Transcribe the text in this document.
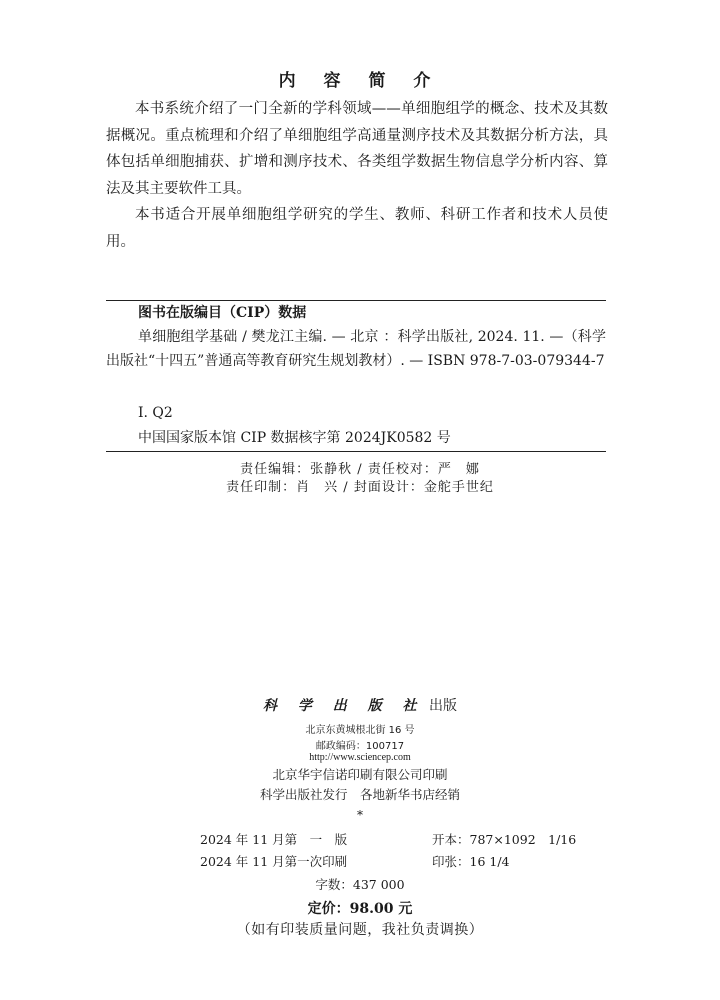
内 容 简 介

本书系统介绍了一门全新的学科领域——单细胞组学的概念、技术及其数据概况。重点梳理和介绍了单细胞组学高通量测序技术及其数据分析方法，具体包括单细胞捕获、扩增和测序技术、各类组学数据生物信息学分析内容、算法及其主要软件工具。

本书适合开展单细胞组学研究的学生、教师、科研工作者和技术人员使用。

图书在版编目（CIP）数据
单细胞组学基础 / 樊龙江主编. — 北京 ：科学出版社, 2024. 11. —（科学出版社“十四五”普通高等教育研究生规划教材）. — ISBN 978-7-03-079344-7
Ⅰ. Q2
中国国家版本馆 CIP 数据核字第 2024JK0582 号
责任编辑：张静秋 / 责任校对：严　娜
责任印制：肖　兴 / 封面设计：金舵手世纪
科 学 出 版 社 出版
北京东黄城根北街 16 号
邮政编码：100717
http://www.sciencep.com
北京华宇信诺印刷有限公司印刷
科学出版社发行　各地新华书店经销
*
2024 年 11 月第　一　版	开本：787×1092　1/16
2024 年 11 月第一次印刷	印张：16 1/4
字数：437 000
定价：98.00 元
（如有印装质量问题，我社负责调换）
